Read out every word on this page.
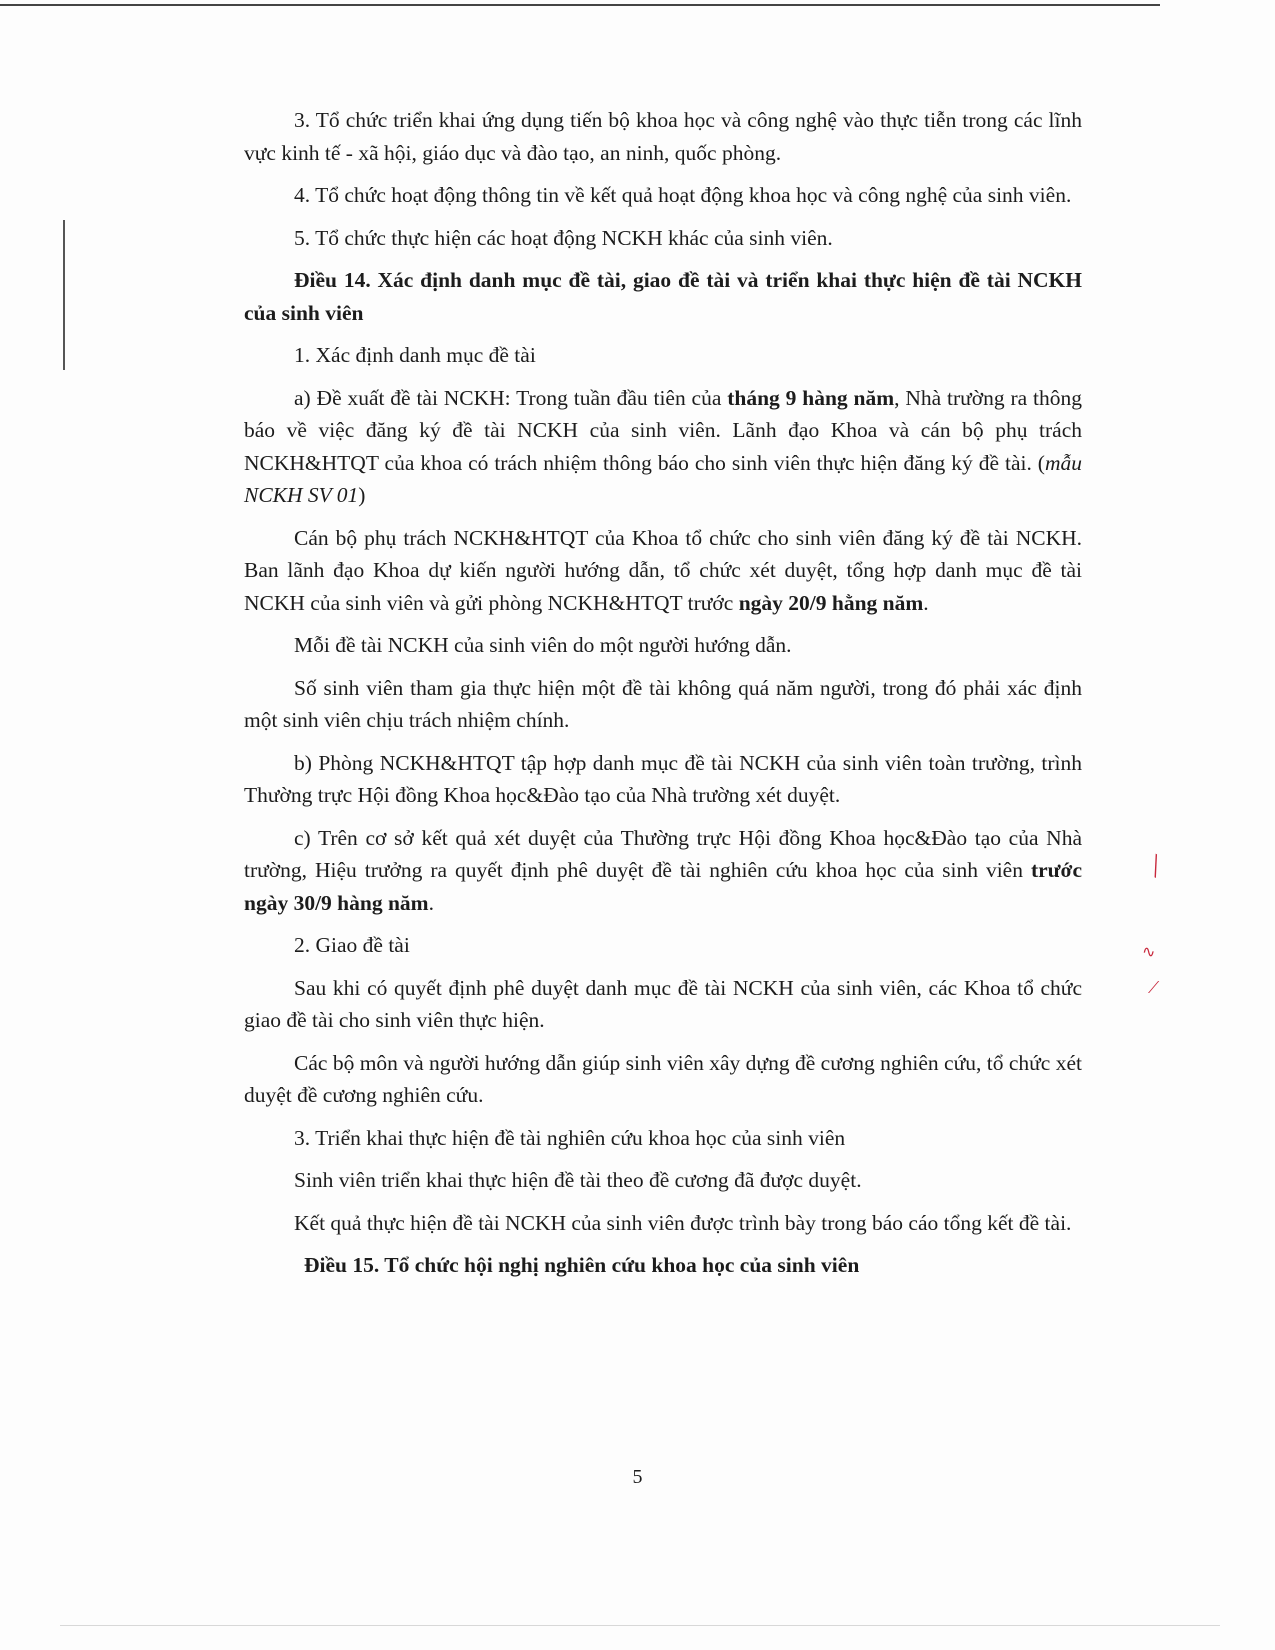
╲
∿
⟋

3. Tổ chức triển khai ứng dụng tiến bộ khoa học và công nghệ vào thực tiễn trong các lĩnh vực kinh tế - xã hội, giáo dục và đào tạo, an ninh, quốc phòng.

4. Tổ chức hoạt động thông tin về kết quả hoạt động khoa học và công nghệ của sinh viên.

5. Tổ chức thực hiện các hoạt động NCKH khác của sinh viên.

Điều 14. Xác định danh mục đề tài, giao đề tài và triển khai thực hiện đề tài NCKH của sinh viên

1. Xác định danh mục đề tài

a) Đề xuất đề tài NCKH: Trong tuần đầu tiên của tháng 9 hàng năm, Nhà trường ra thông báo về việc đăng ký đề tài NCKH của sinh viên. Lãnh đạo Khoa và cán bộ phụ trách NCKH&HTQT của khoa có trách nhiệm thông báo cho sinh viên thực hiện đăng ký đề tài. (mẫu NCKH SV 01)

Cán bộ phụ trách NCKH&HTQT của Khoa tổ chức cho sinh viên đăng ký đề tài NCKH. Ban lãnh đạo Khoa dự kiến người hướng dẫn, tổ chức xét duyệt, tổng hợp danh mục đề tài NCKH của sinh viên và gửi phòng NCKH&HTQT trước ngày 20/9 hằng năm.

Mỗi đề tài NCKH của sinh viên do một người hướng dẫn.

Số sinh viên tham gia thực hiện một đề tài không quá năm người, trong đó phải xác định một sinh viên chịu trách nhiệm chính.

b) Phòng NCKH&HTQT tập hợp danh mục đề tài NCKH của sinh viên toàn trường, trình Thường trực Hội đồng Khoa học&Đào tạo của Nhà trường xét duyệt.

c) Trên cơ sở kết quả xét duyệt của Thường trực Hội đồng Khoa học&Đào tạo của Nhà trường, Hiệu trưởng ra quyết định phê duyệt đề tài nghiên cứu khoa học của sinh viên trước ngày 30/9 hàng năm.

2. Giao đề tài

Sau khi có quyết định phê duyệt danh mục đề tài NCKH của sinh viên, các Khoa tổ chức giao đề tài cho sinh viên thực hiện.

Các bộ môn và người hướng dẫn giúp sinh viên xây dựng đề cương nghiên cứu, tổ chức xét duyệt đề cương nghiên cứu.

3. Triển khai thực hiện đề tài nghiên cứu khoa học của sinh viên

Sinh viên triển khai thực hiện đề tài theo đề cương đã được duyệt.

Kết quả thực hiện đề tài NCKH của sinh viên được trình bày trong báo cáo tổng kết đề tài.

Điều 15. Tổ chức hội nghị nghiên cứu khoa học của sinh viên

5
